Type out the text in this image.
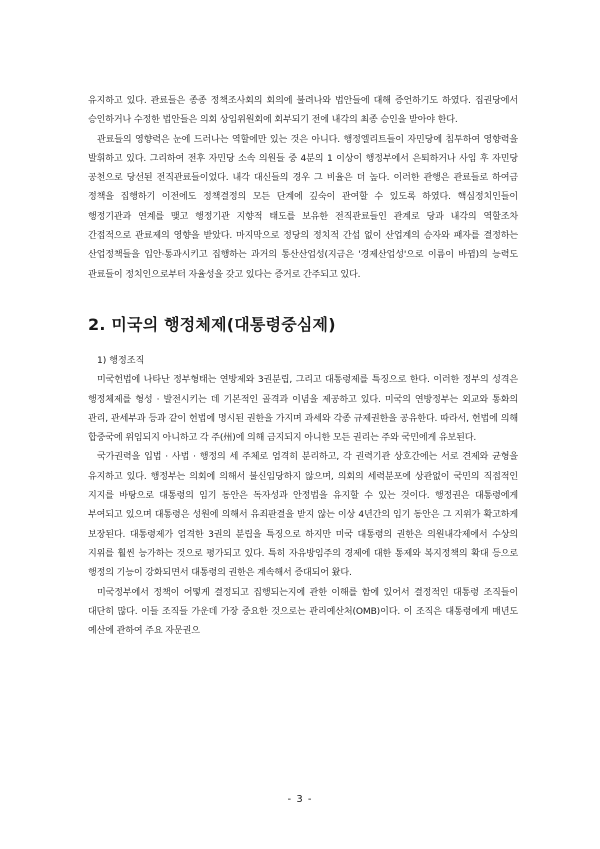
유지하고 있다. 관료들은 종종 정책조사회의 회의에 불려나와 법안들에 대해 증언하기도 하였다. 집권당에서 승인하거나 수정한 법안들은 의회 상임위원회에 회부되기 전에 내각의 최종 승인을 받아야 한다.

관료들의 영향력은 눈에 드러나는 역할에만 있는 것은 아니다. 행정엘리트들이 자민당에 침투하여 영향력을 발휘하고 있다. 그리하여 전후 자민당 소속 의원들 중 4분의 1 이상이 행정부에서 은퇴하거나 사임 후 자민당 공천으로 당선된 전직관료들이었다. 내각 대신들의 경우 그 비율은 더 높다. 이러한 관행은 관료들로 하여금 정책을 집행하기 이전에도 정책결정의 모든 단계에 깊숙이 관여할 수 있도록 하였다. 핵심정치인들이 행정기관과 연계를 맺고 행정기관 지향적 태도를 보유한 전직관료들인 관계로 당과 내각의 역할조차 간접적으로 관료제의 영향을 받았다. 마지막으로 정당의 정치적 간섭 없이 산업계의 승자와 패자를 결정하는 산업정책들을 입안·통과시키고 집행하는 과거의 통산산업성(지금은 '경제산업성'으로 이름이 바뀜)의 능력도 관료들이 정치인으로부터 자율성을 갖고 있다는 증거로 간주되고 있다.

2. 미국의 행정체제(대통령중심제)
1) 행정조직

미국헌법에 나타난 정부형태는 연방제와 3권분립, 그리고 대통령제를 특징으로 한다. 이러한 정부의 성격은 행정체제를 형성 · 발전시키는 데 기본적인 골격과 이념을 제공하고 있다. 미국의 연방정부는 외교와 통화의 관리, 관세부과 등과 같이 헌법에 명시된 권한을 가지며 과세와 각종 규제권한을 공유한다. 따라서, 헌법에 의해 합중국에 위임되지 아니하고 각 주(州)에 의해 금지되지 아니한 모든 권리는 주와 국민에게 유보된다.

국가권력을 입법 · 사법 · 행정의 세 주체로 엄격히 분리하고, 각 권력기관 상호간에는 서로 견제와 균형을 유지하고 있다. 행정부는 의회에 의해서 불신임당하지 않으며, 의회의 세력분포에 상관없이 국민의 직접적인 지지를 바탕으로 대통령의 임기 동안은 독자성과 안정법을 유지할 수 있는 것이다. 행정권은 대통령에게 부여되고 있으며 대통령은 성원에 의해서 유죄판결을 받지 않는 이상 4년간의 임기 동안은 그 지위가 확고하게 보장된다. 대통령제가 엄격한 3권의 분립을 특징으로 하지만 미국 대통령의 권한은 의원내각제에서 수상의 지위를 훨씬 능가하는 것으로 평가되고 있다. 특히 자유방임주의 경제에 대한 통제와 복지정책의 확대 등으로 행정의 기능이 강화되면서 대통령의 권한은 계속해서 증대되어 왔다.

미국정부에서 정책이 어떻게 결정되고 집행되는지에 관한 이해를 함에 있어서 결정적인 대통령 조직들이 대단히 많다. 이들 조직들 가운데 가장 중요한 것으로는 관리예산처(OMB)이다. 이 조직은 대통령에게 매년도 예산에 관하여 주요 자문권으

- 3 -
